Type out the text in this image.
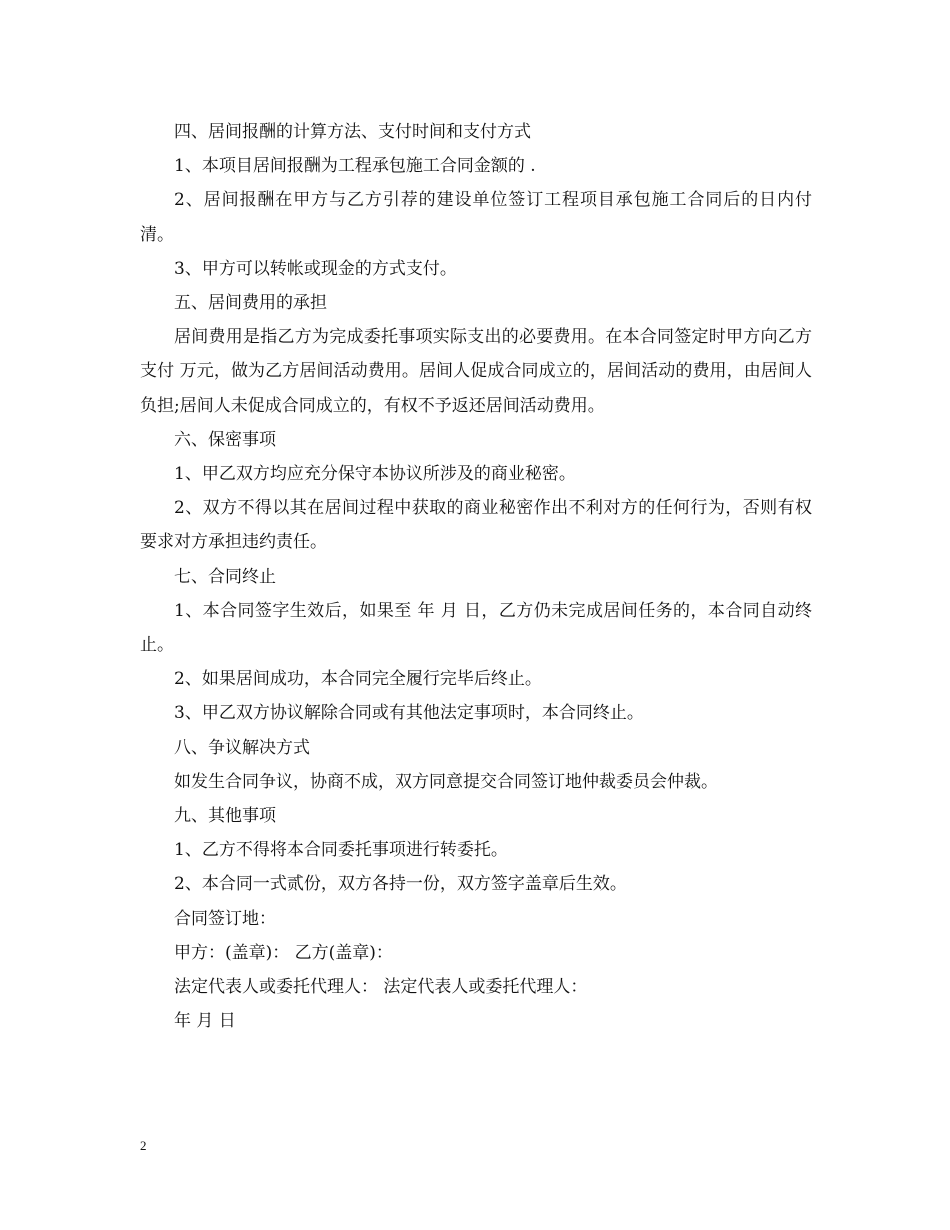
四、居间报酬的计算方法、支付时间和支付方式

1、本项目居间报酬为工程承包施工合同金额的 .

2、居间报酬在甲方与乙方引荐的建设单位签订工程项目承包施工合同后的日内付清。

3、甲方可以转帐或现金的方式支付。

五、居间费用的承担

居间费用是指乙方为完成委托事项实际支出的必要费用。在本合同签定时甲方向乙方支付 万元，做为乙方居间活动费用。居间人促成合同成立的，居间活动的费用，由居间人负担;居间人未促成合同成立的，有权不予返还居间活动费用。

六、保密事项

1、甲乙双方均应充分保守本协议所涉及的商业秘密。

2、双方不得以其在居间过程中获取的商业秘密作出不利对方的任何行为，否则有权要求对方承担违约责任。

七、合同终止

1、本合同签字生效后，如果至 年 月 日，乙方仍未完成居间任务的，本合同自动终止。

2、如果居间成功，本合同完全履行完毕后终止。

3、甲乙双方协议解除合同或有其他法定事项时，本合同终止。

八、争议解决方式

如发生合同争议，协商不成，双方同意提交合同签订地仲裁委员会仲裁。

九、其他事项

1、乙方不得将本合同委托事项进行转委托。

2、本合同一式贰份，双方各持一份，双方签字盖章后生效。

合同签订地：

甲方：(盖章)： 乙方(盖章)：

法定代表人或委托代理人： 法定代表人或委托代理人：

年 月 日

2
